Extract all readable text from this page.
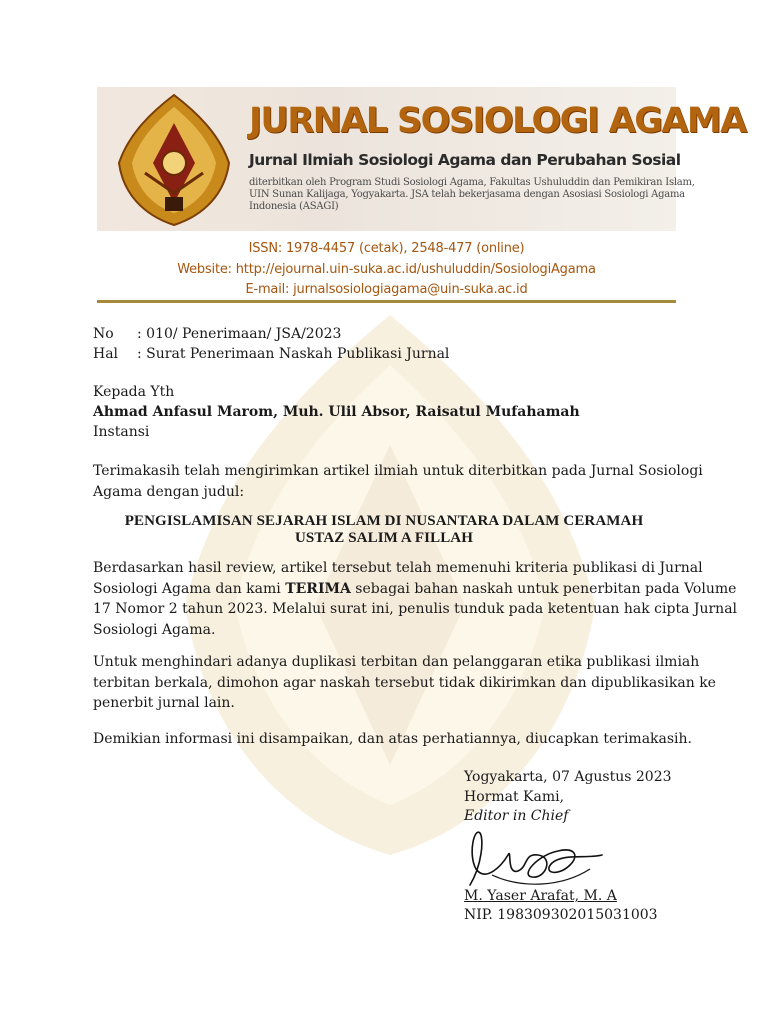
JURNAL SOSIOLOGI AGAMA
Jurnal Ilmiah Sosiologi Agama dan Perubahan Sosial
diterbitkan oleh Program Studi Sosiologi Agama, Fakultas Ushuluddin dan Pemikiran Islam,
UIN Sunan Kalijaga, Yogyakarta. JSA telah bekerjasama dengan Asosiasi Sosiologi Agama
Indonesia (ASAGI)
ISSN: 1978-4457 (cetak), 2548-477 (online)
Website: http://ejournal.uin-suka.ac.id/ushuluddin/SosiologiAgama
E-mail: jurnalsosiologiagama@uin-suka.ac.id
No : 010/ Penerimaan/ JSA/2023
Hal : Surat Penerimaan Naskah Publikasi Jurnal
Kepada Yth
Ahmad Anfasul Marom, Muh. Ulil Absor, Raisatul Mufahamah
Instansi
Terimakasih telah mengirimkan artikel ilmiah untuk diterbitkan pada Jurnal Sosiologi
Agama dengan judul:
PENGISLAMISAN SEJARAH ISLAM DI NUSANTARA DALAM CERAMAH
USTAZ SALIM A FILLAH
Berdasarkan hasil review, artikel tersebut telah memenuhi kriteria publikasi di Jurnal
Sosiologi Agama dan kami TERIMA sebagai bahan naskah untuk penerbitan pada Volume
17 Nomor 2 tahun 2023. Melalui surat ini, penulis tunduk pada ketentuan hak cipta Jurnal
Sosiologi Agama.
Untuk menghindari adanya duplikasi terbitan dan pelanggaran etika publikasi ilmiah
terbitan berkala, dimohon agar naskah tersebut tidak dikirimkan dan dipublikasikan ke
penerbit jurnal lain.
Demikian informasi ini disampaikan, dan atas perhatiannya, diucapkan terimakasih.
Yogyakarta, 07 Agustus 2023
Hormat Kami,
Editor in Chief
M. Yaser Arafat, M. A
NIP. 198309302015031003
